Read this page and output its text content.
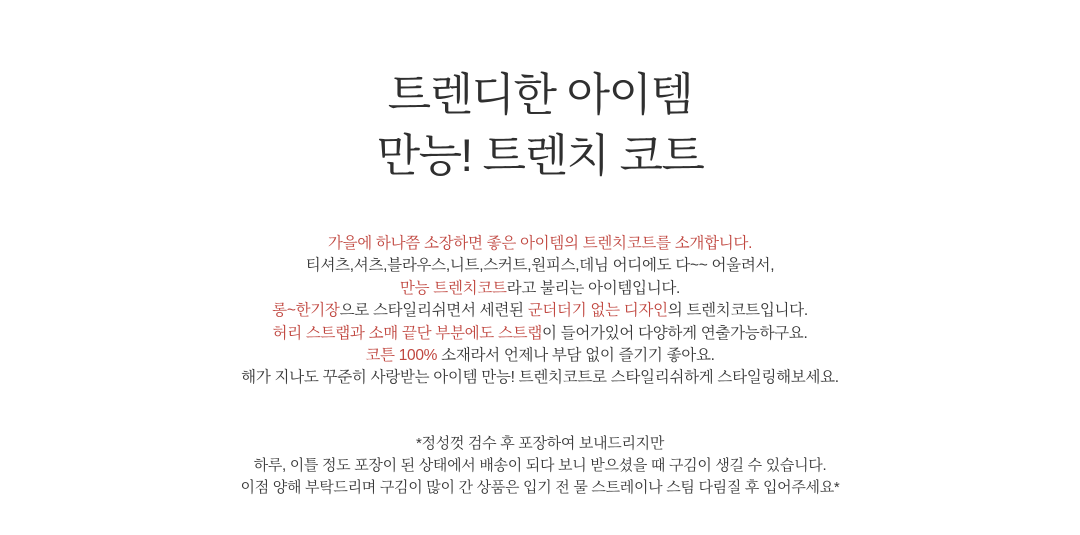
트렌디한 아이템
만능! 트렌치 코트

가을에 하나쯤 소장하면 좋은 아이템의 트렌치코트를 소개합니다.

티셔츠,셔츠,블라우스,니트,스커트,원피스,데님 어디에도 다~~ 어울려서,

만능 트렌치코트라고 불리는 아이템입니다.

롱~한기장으로 스타일리쉬면서 세련된 군더더기 없는 디자인의 트렌치코트입니다.

허리 스트랩과 소매 끝단 부분에도 스트랩이 들어가있어 다양하게 연출가능하구요.

코튼 100% 소재라서 언제나 부담 없이 즐기기 좋아요.

해가 지나도 꾸준히 사랑받는 아이템 만능! 트렌치코트로 스타일리쉬하게 스타일링해보세요.

*정성껏 검수 후 포장하여 보내드리지만

하루, 이틀 정도 포장이 된 상태에서 배송이 되다 보니 받으셨을 때 구김이 생길 수 있습니다.

이점 양해 부탁드리며 구김이 많이 간 상품은 입기 전 물 스트레이나 스팀 다림질 후 입어주세요*
